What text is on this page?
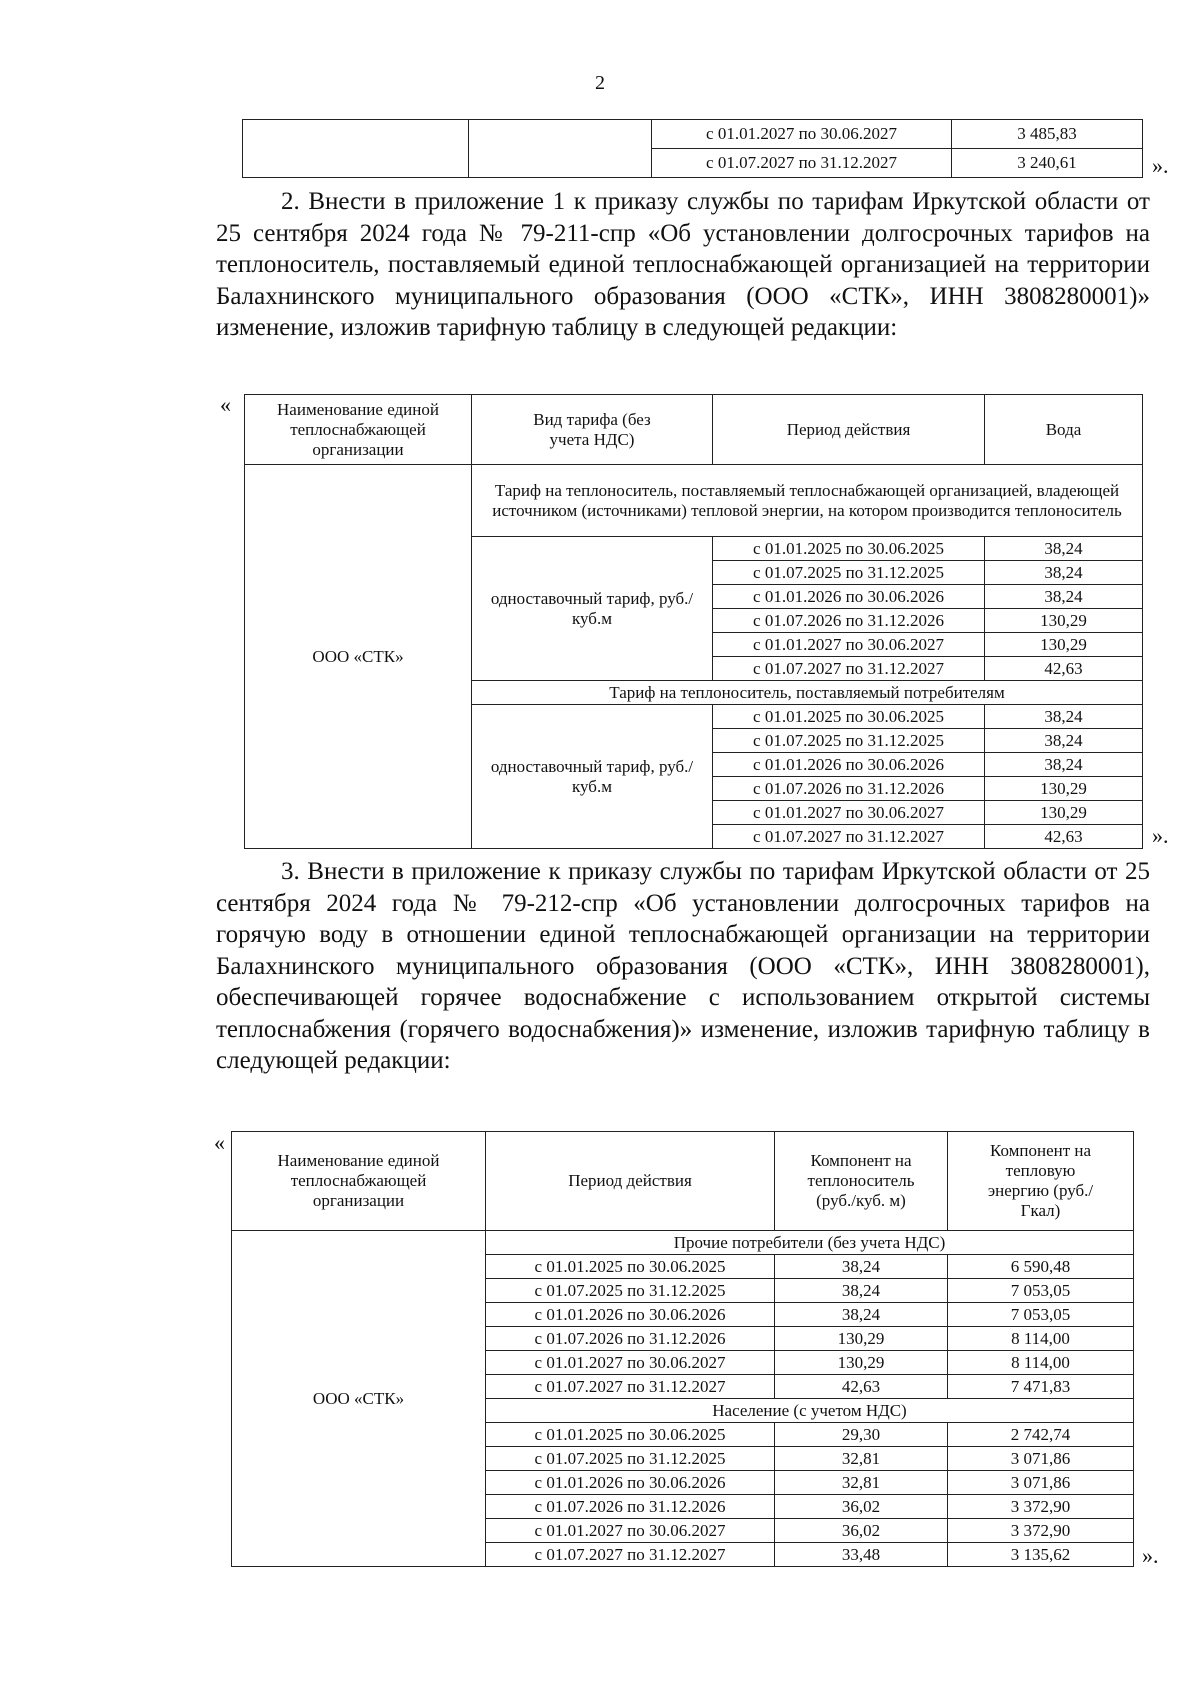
2
		с 01.01.2027 по 30.06.2027	3 485,83
		с 01.07.2027 по 31.12.2027	3 240,61	».

2. Внести в приложение 1 к приказу службы по тарифам Иркутской области от 25 сентября 2024 года № 79-211-спр «Об установлении долгосрочных тарифов на теплоноситель, поставляемый единой теплоснабжающей организацией на территории Балахнинского муниципального образования (ООО «СТК», ИНН 3808280001)» изменение, изложив тарифную таблицу в следующей редакции:

«	Наименование единой теплоснабжающей организации	Вид тарифа (без учета НДС)	Период действия	Вода
ООО «СТК»	Тариф на теплоноситель, поставляемый теплоснабжающей организацией, владеющей источником (источниками) тепловой энергии, на котором производится теплоноситель		
	одноставочный тариф, руб./куб.м	с 01.01.2025 по 30.06.2025	38,24
		с 01.07.2025 по 31.12.2025	38,24
		с 01.01.2026 по 30.06.2026	38,24
		с 01.07.2026 по 31.12.2026	130,29
		с 01.01.2027 по 30.06.2027	130,29
		с 01.07.2027 по 31.12.2027	42,63
	Тариф на теплоноситель, поставляемый потребителям		
	одноставочный тариф, руб./куб.м	с 01.01.2025 по 30.06.2025	38,24
		с 01.07.2025 по 31.12.2025	38,24
		с 01.01.2026 по 30.06.2026	38,24
		с 01.07.2026 по 31.12.2026	130,29
		с 01.01.2027 по 30.06.2027	130,29
		с 01.07.2027 по 31.12.2027	42,63	».

3. Внести в приложение к приказу службы по тарифам Иркутской области от 25 сентября 2024 года № 79-212-спр «Об установлении долгосрочных тарифов на горячую воду в отношении единой теплоснабжающей организации на территории Балахнинского муниципального образования (ООО «СТК», ИНН 3808280001), обеспечивающей горячее водоснабжение с использованием открытой системы теплоснабжения (горячего водоснабжения)» изменение, изложив тарифную таблицу в следующей редакции:

«
Наименование единой теплоснабжающей организации	Период действия	Компонент на теплоноситель (руб./куб. м)	Компонент на тепловую энергию (руб./Гкал)
ООО «СТК»	Прочие потребители (без учета НДС)		
	с 01.01.2025 по 30.06.2025	38,24	6 590,48
	с 01.07.2025 по 31.12.2025	38,24	7 053,05
	с 01.01.2026 по 30.06.2026	38,24	7 053,05
	с 01.07.2026 по 31.12.2026	130,29	8 114,00
	с 01.01.2027 по 30.06.2027	130,29	8 114,00
	с 01.07.2027 по 31.12.2027	42,63	7 471,83
	Население (с учетом НДС)		
	с 01.01.2025 по 30.06.2025	29,30	2 742,74
	с 01.07.2025 по 31.12.2025	32,81	3 071,86
	с 01.01.2026 по 30.06.2026	32,81	3 071,86
	с 01.07.2026 по 31.12.2026	36,02	3 372,90
	с 01.01.2027 по 30.06.2027	36,02	3 372,90
	с 01.07.2027 по 31.12.2027	33,48	3 135,62	».
